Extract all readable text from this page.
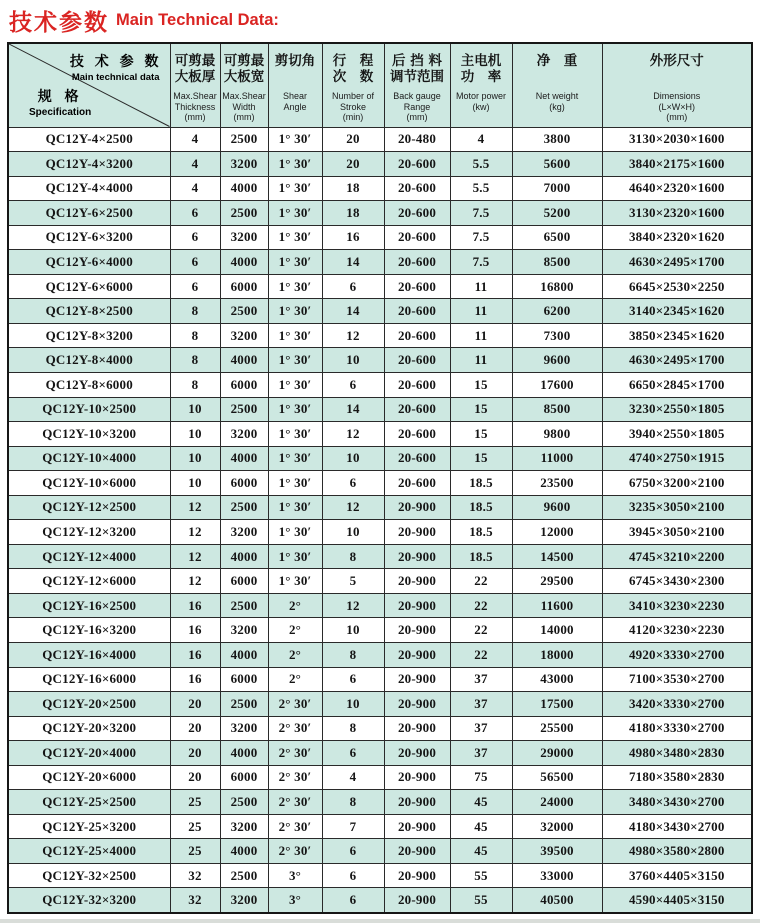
技术参数 Main Technical Data:
技 术 参 数
Main technical data
规 格
Specification

可剪最
大板厚
Max.Shear
Thickness
(mm)

可剪最
大板宽
Max.Shear
Width
(mm)

剪切角
Shear
Angle

行　程
次　数
Number of
Stroke
(min)

后 挡 料
调节范围
Back gauge
Range
(mm)

主电机
功　率
Motor power
(kw)

净　重
Net weight
(kg)

外形尺寸
Dimensions
(L×W×H)
(mm)

QC12Y-4×2500	4	2500	1° 30′	20	20-480	4	3800	3130×2030×1600
QC12Y-4×3200	4	3200	1° 30′	20	20-600	5.5	5600	3840×2175×1600
QC12Y-4×4000	4	4000	1° 30′	18	20-600	5.5	7000	4640×2320×1600
QC12Y-6×2500	6	2500	1° 30′	18	20-600	7.5	5200	3130×2320×1600
QC12Y-6×3200	6	3200	1° 30′	16	20-600	7.5	6500	3840×2320×1620
QC12Y-6×4000	6	4000	1° 30′	14	20-600	7.5	8500	4630×2495×1700
QC12Y-6×6000	6	6000	1° 30′	6	20-600	11	16800	6645×2530×2250
QC12Y-8×2500	8	2500	1° 30′	14	20-600	11	6200	3140×2345×1620
QC12Y-8×3200	8	3200	1° 30′	12	20-600	11	7300	3850×2345×1620
QC12Y-8×4000	8	4000	1° 30′	10	20-600	11	9600	4630×2495×1700
QC12Y-8×6000	8	6000	1° 30′	6	20-600	15	17600	6650×2845×1700
QC12Y-10×2500	10	2500	1° 30′	14	20-600	15	8500	3230×2550×1805
QC12Y-10×3200	10	3200	1° 30′	12	20-600	15	9800	3940×2550×1805
QC12Y-10×4000	10	4000	1° 30′	10	20-600	15	11000	4740×2750×1915
QC12Y-10×6000	10	6000	1° 30′	6	20-600	18.5	23500	6750×3200×2100
QC12Y-12×2500	12	2500	1° 30′	12	20-900	18.5	9600	3235×3050×2100
QC12Y-12×3200	12	3200	1° 30′	10	20-900	18.5	12000	3945×3050×2100
QC12Y-12×4000	12	4000	1° 30′	8	20-900	18.5	14500	4745×3210×2200
QC12Y-12×6000	12	6000	1° 30′	5	20-900	22	29500	6745×3430×2300
QC12Y-16×2500	16	2500	2°	12	20-900	22	11600	3410×3230×2230
QC12Y-16×3200	16	3200	2°	10	20-900	22	14000	4120×3230×2230
QC12Y-16×4000	16	4000	2°	8	20-900	22	18000	4920×3330×2700
QC12Y-16×6000	16	6000	2°	6	20-900	37	43000	7100×3530×2700
QC12Y-20×2500	20	2500	2° 30′	10	20-900	37	17500	3420×3330×2700
QC12Y-20×3200	20	3200	2° 30′	8	20-900	37	25500	4180×3330×2700
QC12Y-20×4000	20	4000	2° 30′	6	20-900	37	29000	4980×3480×2830
QC12Y-20×6000	20	6000	2° 30′	4	20-900	75	56500	7180×3580×2830
QC12Y-25×2500	25	2500	2° 30′	8	20-900	45	24000	3480×3430×2700
QC12Y-25×3200	25	3200	2° 30′	7	20-900	45	32000	4180×3430×2700
QC12Y-25×4000	25	4000	2° 30′	6	20-900	45	39500	4980×3580×2800
QC12Y-32×2500	32	2500	3°	6	20-900	55	33000	3760×4405×3150
QC12Y-32×3200	32	3200	3°	6	20-900	55	40500	4590×4405×3150
